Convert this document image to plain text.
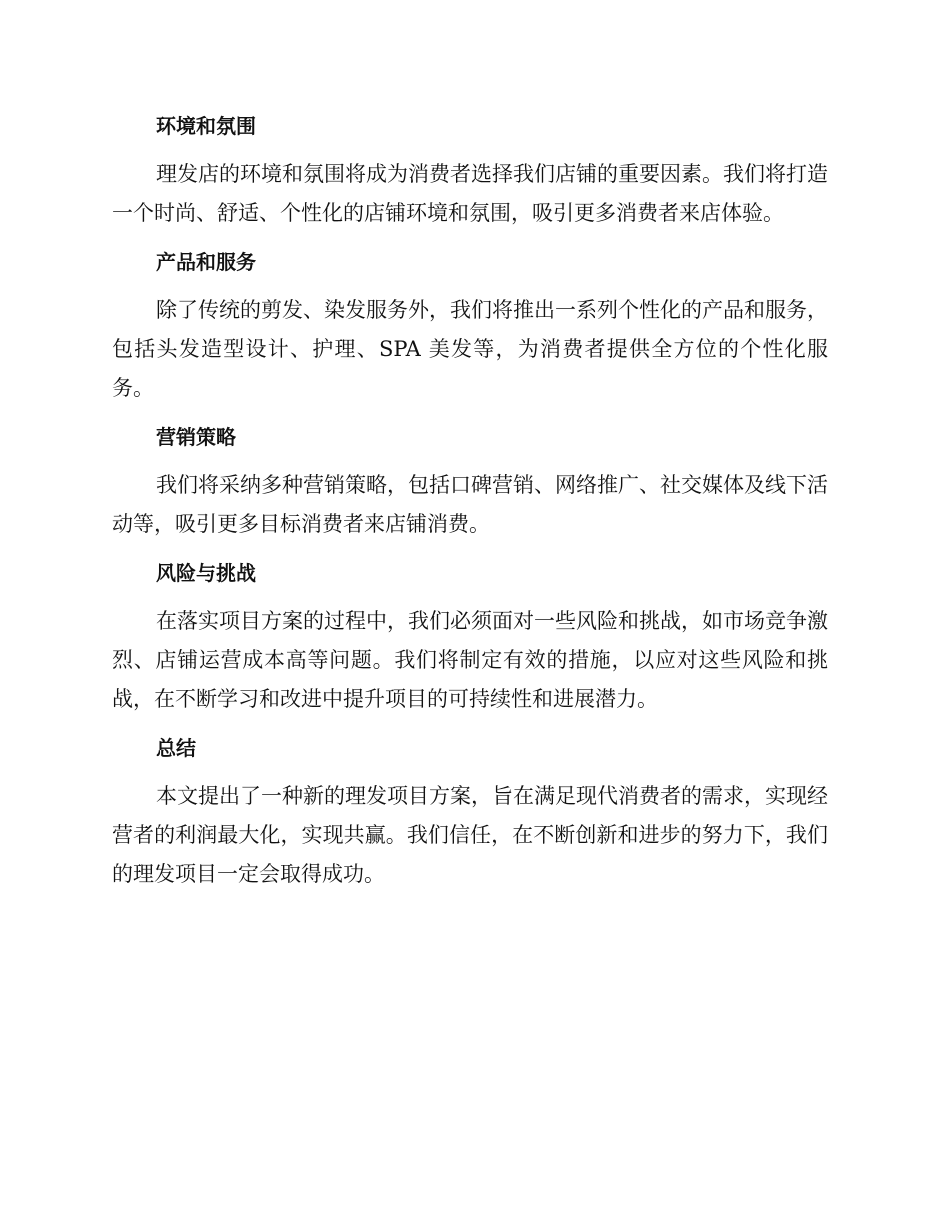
环境和氛围

理发店的环境和氛围将成为消费者选择我们店铺的重要因素。我们将打造一个时尚、舒适、个性化的店铺环境和氛围，吸引更多消费者来店体验。

产品和服务

除了传统的剪发、染发服务外，我们将推出一系列个性化的产品和服务，包括头发造型设计、护理、SPA 美发等，为消费者提供全方位的个性化服务。

营销策略

我们将采纳多种营销策略，包括口碑营销、网络推广、社交媒体及线下活动等，吸引更多目标消费者来店铺消费。

风险与挑战

在落实项目方案的过程中，我们必须面对一些风险和挑战，如市场竞争激烈、店铺运营成本高等问题。我们将制定有效的措施，以应对这些风险和挑战，在不断学习和改进中提升项目的可持续性和进展潜力。

总结

本文提出了一种新的理发项目方案，旨在满足现代消费者的需求，实现经营者的利润最大化，实现共赢。我们信任，在不断创新和进步的努力下，我们的理发项目一定会取得成功。
